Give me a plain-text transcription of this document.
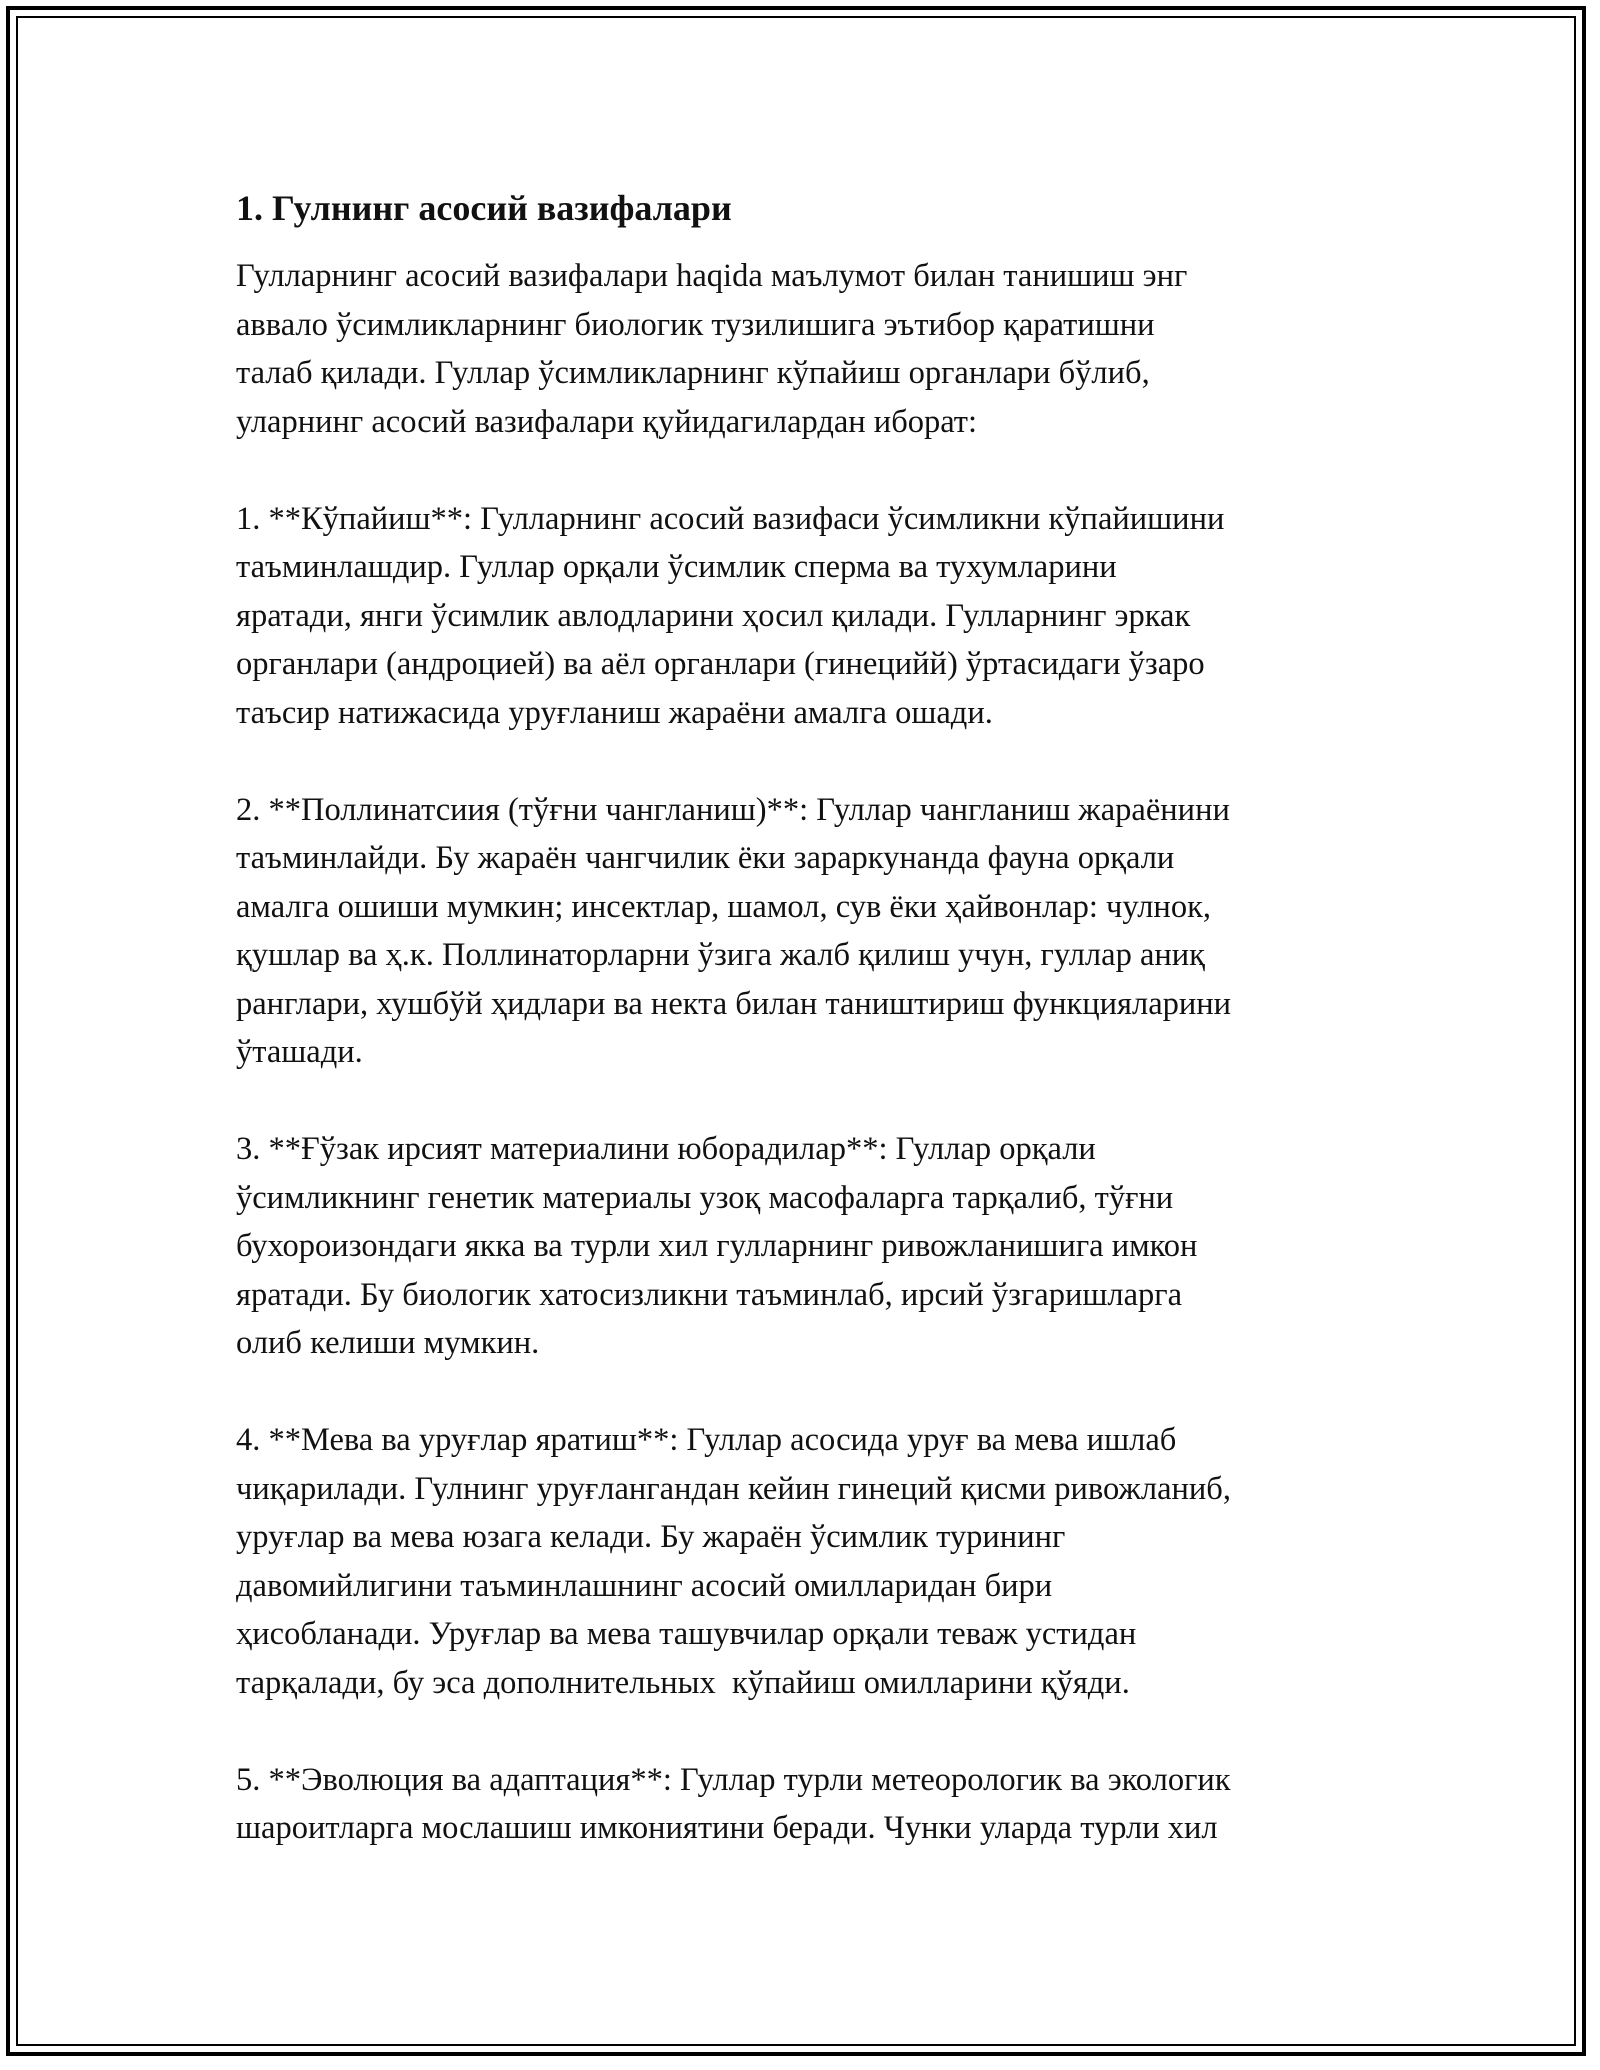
1. Гулнинг асосий вазифалари
Гулларнинг асосий вазифалари haqida маълумот билан танишиш энг
аввало ўсимликларнинг биологик тузилишига эътибор қаратишни
талаб қилади. Гуллар ўсимликларнинг кўпайиш органлари бўлиб,
уларнинг асосий вазифалари қуйидагилардан иборат:
1. **Кўпайиш**: Гулларнинг асосий вазифаси ўсимликни кўпайишини
таъминлашдир. Гуллар орқали ўсимлик сперма ва тухумларини
яратади, янги ўсимлик авлодларини ҳосил қилади. Гулларнинг эркак
органлари (андроцией) ва аёл органлари (гинецийй) ўртасидаги ўзаро
таъсир натижасида уруғланиш жараёни амалга ошади.
2. **Поллинатсиия (тўғни чангланиш)**: Гуллар чангланиш жараёнини
таъминлайди. Бу жараён чангчилик ёки зараркунанда фауна орқали
амалга ошиши мумкин; инсектлар, шамол, сув ёки ҳайвонлар: чулнок,
қушлар ва ҳ.к. Поллинаторларни ўзига жалб қилиш учун, гуллар аниқ
ранглари, хушбўй ҳидлари ва некта билан таништириш функцияларини
ўташади.
3. **Ғўзак ирсият материалини юборадилар**: Гуллар орқали
ўсимликнинг генетик материалы узоқ масофаларга тарқалиб, тўғни
бухороизондаги якка ва турли хил гулларнинг ривожланишига имкон
яратади. Бу биологик хатосизликни таъминлаб, ирсий ўзгаришларга
олиб келиши мумкин.
4. **Мева ва уруғлар яратиш**: Гуллар асосида уруғ ва мева ишлаб
чиқарилади. Гулнинг уруғлангандан кейин гинеций қисми ривожланиб,
уруғлар ва мева юзага келади. Бу жараён ўсимлик турининг
давомийлигини таъминлашнинг асосий омилларидан бири
ҳисобланади. Уруғлар ва мева ташувчилар орқали теваж устидан
тарқалади, бу эса дополнительных  кўпайиш омилларини қўяди.
5. **Эволюция ва адаптация**: Гуллар турли метеорологик ва экологик
шароитларга мослашиш имкониятини беради. Чунки уларда турли хил
